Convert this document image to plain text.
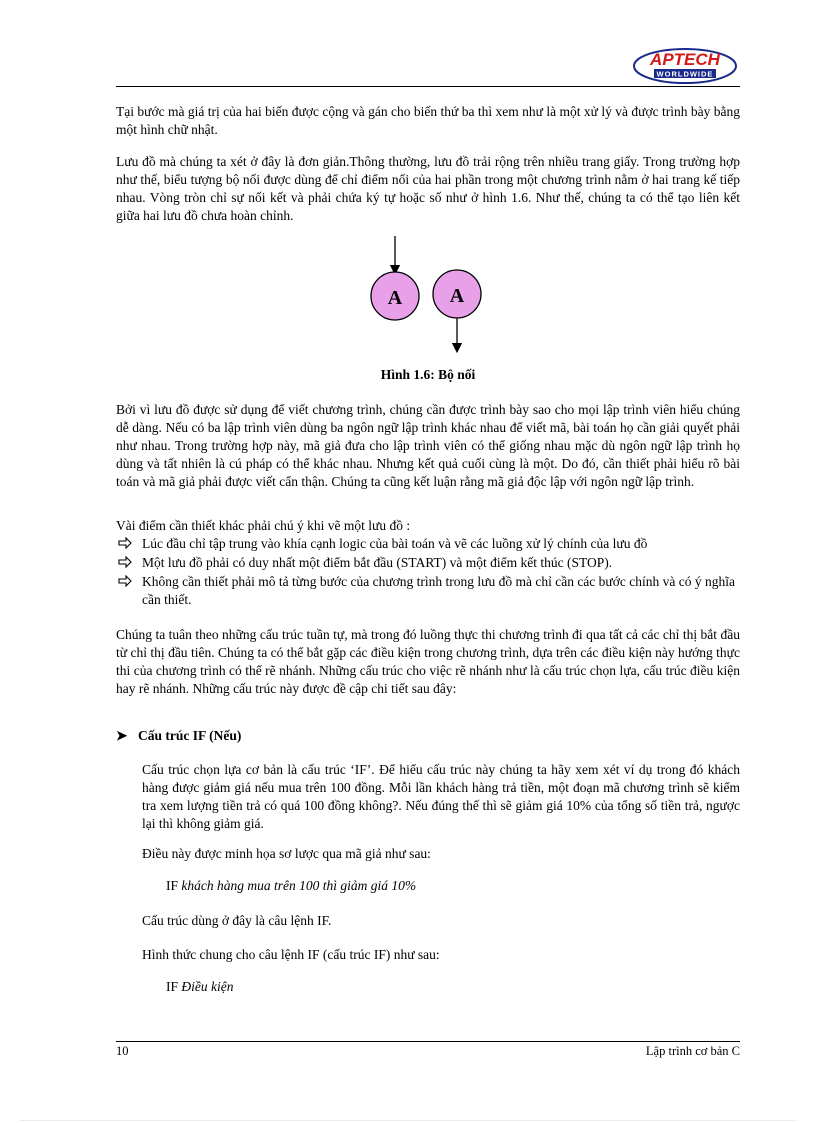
APTECH
WORLDWIDE

Tại bước mà giá trị của hai biến được cộng và gán cho biến thứ ba thì xem như là một xử lý và được trình bày bằng một hình chữ nhật.

Lưu đồ mà chúng ta xét ở đây là đơn giản.Thông thường, lưu đồ trải rộng trên nhiều trang giấy. Trong trường hợp như thế, biểu tượng bộ nối được dùng để chỉ điểm nối của hai phần trong một chương trình nằm ở hai trang kế tiếp nhau. Vòng tròn chỉ sự nối kết và phải chứa ký tự hoặc số như ở hình 1.6. Như thế, chúng ta có thể tạo liên kết giữa hai lưu đồ chưa hoàn chỉnh.

A A
Hình 1.6: Bộ nối

Bởi vì lưu đồ được sử dụng để viết chương trình, chúng cần được trình bày sao cho mọi lập trình viên hiểu chúng dễ dàng. Nếu có ba lập trình viên dùng ba ngôn ngữ lập trình khác nhau để viết mã, bài toán họ cần giải quyết phải như nhau. Trong trường hợp này, mã giả đưa cho lập trình viên có thể giống nhau mặc dù ngôn ngữ lập trình họ dùng và tất nhiên là cú pháp có thể khác nhau. Nhưng kết quả cuối cùng là một. Do đó, cần thiết phải hiểu rõ bài toán và mã giả phải được viết cẩn thận. Chúng ta cũng kết luận rằng mã giả độc lập với ngôn ngữ lập trình.

Vài điểm cần thiết khác phải chú ý khi vẽ một lưu đồ :

Lúc đầu chỉ tập trung vào khía cạnh logic của bài toán và vẽ các luồng xử lý chính của lưu đồ
Một lưu đồ phải có duy nhất một điểm bắt đầu (START) và một điểm kết thúc (STOP).
Không cần thiết phải mô tả từng bước của chương trình trong lưu đồ mà chỉ cần các bước chính và có ý nghĩa cần thiết.

Chúng ta tuân theo những cấu trúc tuần tự, mà trong đó luồng thực thi chương trình đi qua tất cả các chỉ thị bắt đầu từ chỉ thị đầu tiên. Chúng ta có thể bắt gặp các điều kiện trong chương trình, dựa trên các điều kiện này hướng thực thi của chương trình có thể rẽ nhánh. Những cấu trúc cho việc rẽ nhánh như là cấu trúc chọn lựa, cấu trúc điều kiện hay rẽ nhánh. Những cấu trúc này được đề cập chi tiết sau đây:

➤ Cấu trúc IF (Nếu)

Cấu trúc chọn lựa cơ bản là cấu trúc ‘IF’. Để hiểu cấu trúc này chúng ta hãy xem xét ví dụ trong đó khách hàng được giảm giá nếu mua trên 100 đồng. Mỗi lần khách hàng trả tiền, một đoạn mã chương trình sẽ kiểm tra xem lượng tiền trả có quá 100 đồng không?. Nếu đúng thế thì sẽ giảm giá 10% của tổng số tiền trả, ngược lại thì không giảm giá.

Điều này được minh họa sơ lược qua mã giả như sau:

IF khách hàng mua trên 100 thì giảm giá 10%

Cấu trúc dùng ở đây là câu lệnh IF.

Hình thức chung cho câu lệnh IF (cấu trúc IF) như sau:

IF Điều kiện
10	Lập trình cơ bản C
